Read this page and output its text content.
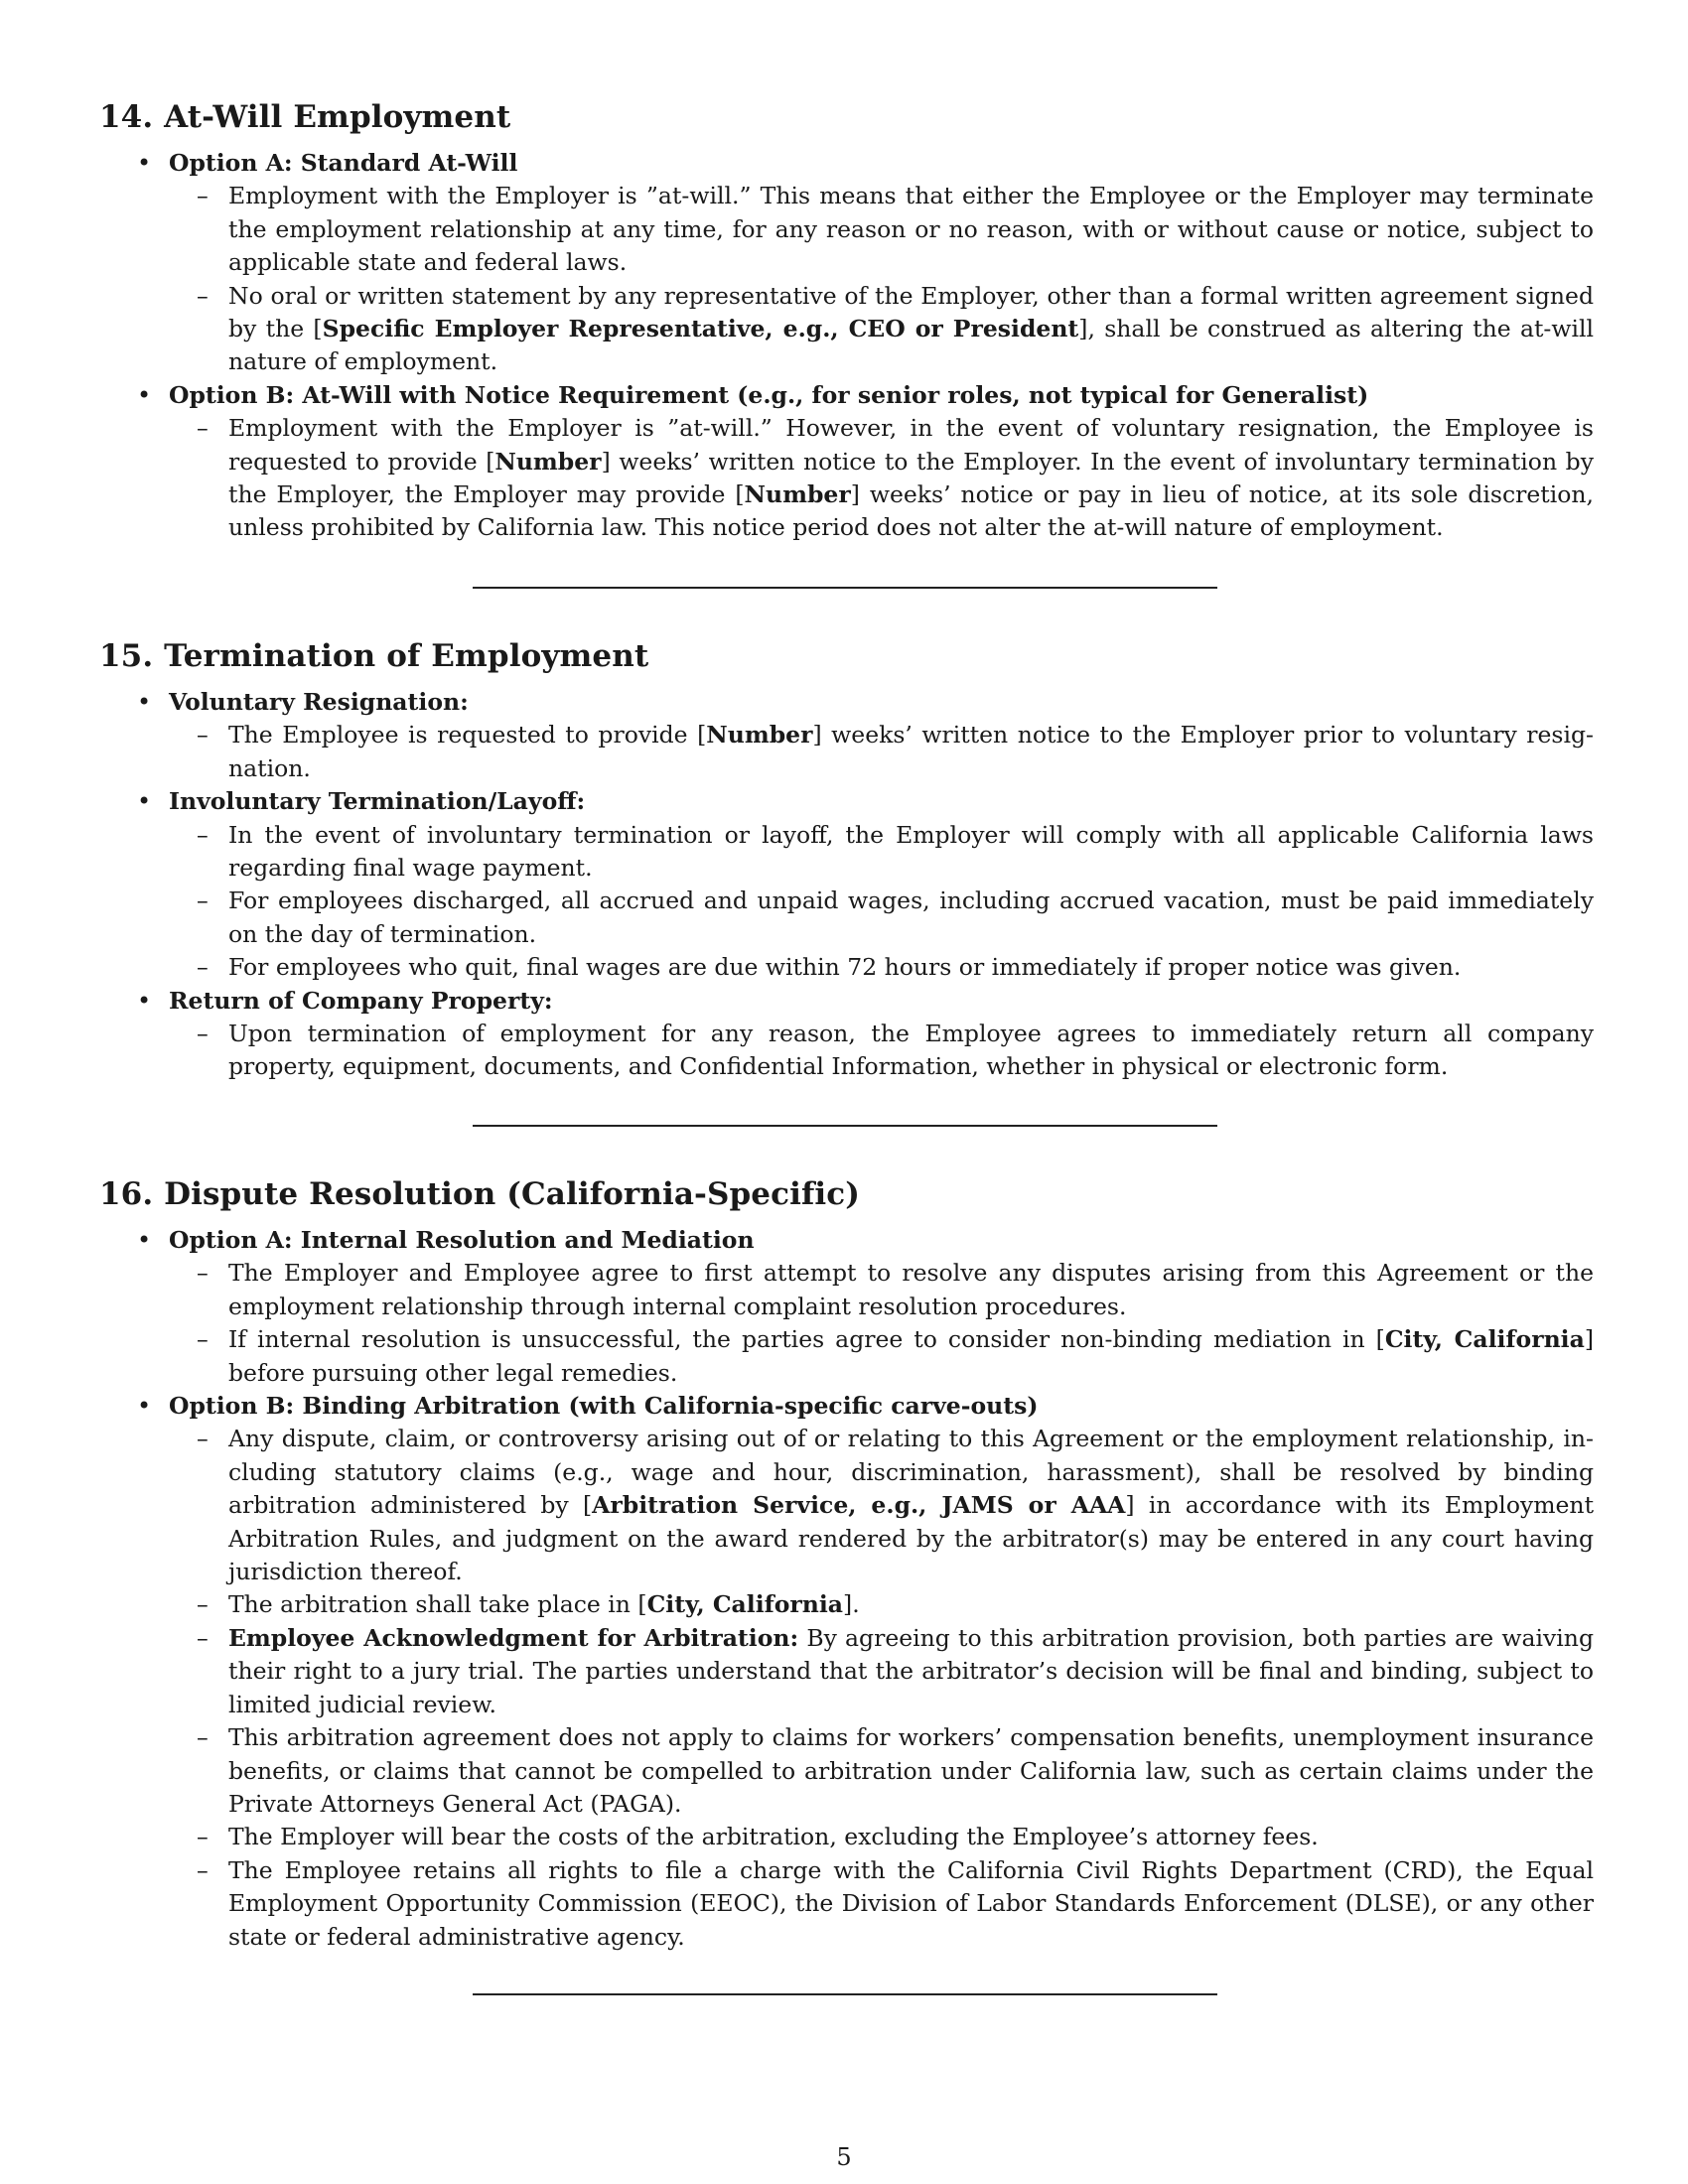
14. At-Will Employment
• Option A: Standard At-Will
– Employment with the Employer is ”at-will.” This means that either the Employee or the Employer may terminate the employment relationship at any time, for any reason or no reason, with or without cause or notice, subject to applicable state and federal laws.
– No oral or written statement by any representative of the Employer, other than a formal written agreement signed by the [Specific Employer Representative, e.g., CEO or President], shall be construed as altering the at-will nature of employment.
• Option B: At-Will with Notice Requirement (e.g., for senior roles, not typical for Generalist)
– Employment with the Employer is ”at-will.” However, in the event of voluntary resignation, the Employee is requested to provide [Number] weeks’ written notice to the Employer. In the event of involuntary termination by the Employer, the Employer may provide [Number] weeks’ notice or pay in lieu of notice, at its sole discretion, unless prohibited by California law. This notice period does not alter the at-will nature of employment.
15. Termination of Employment
• Voluntary Resignation:
– The Employee is requested to provide [Number] weeks’ written notice to the Employer prior to voluntary resignation.
• Involuntary Termination/Layoff:
– In the event of involuntary termination or layoff, the Employer will comply with all applicable California laws regarding final wage payment.
– For employees discharged, all accrued and unpaid wages, including accrued vacation, must be paid immediately on the day of termination.
– For employees who quit, final wages are due within 72 hours or immediately if proper notice was given.
• Return of Company Property:
– Upon termination of employment for any reason, the Employee agrees to immediately return all company property, equipment, documents, and Confidential Information, whether in physical or electronic form.
16. Dispute Resolution (California-Specific)
• Option A: Internal Resolution and Mediation
– The Employer and Employee agree to first attempt to resolve any disputes arising from this Agreement or the employment relationship through internal complaint resolution procedures.
– If internal resolution is unsuccessful, the parties agree to consider non-binding mediation in [City, California] before pursuing other legal remedies.
• Option B: Binding Arbitration (with California-specific carve-outs)
– Any dispute, claim, or controversy arising out of or relating to this Agreement or the employment relationship, including statutory claims (e.g., wage and hour, discrimination, harassment), shall be resolved by binding arbitration administered by [Arbitration Service, e.g., JAMS or AAA] in accordance with its Employment Arbitration Rules, and judgment on the award rendered by the arbitrator(s) may be entered in any court having jurisdiction thereof.
– The arbitration shall take place in [City, California].
– Employee Acknowledgment for Arbitration: By agreeing to this arbitration provision, both parties are waiving their right to a jury trial. The parties understand that the arbitrator’s decision will be final and binding, subject to limited judicial review.
– This arbitration agreement does not apply to claims for workers’ compensation benefits, unemployment insurance benefits, or claims that cannot be compelled to arbitration under California law, such as certain claims under the Private Attorneys General Act (PAGA).
– The Employer will bear the costs of the arbitration, excluding the Employee’s attorney fees.
– The Employee retains all rights to file a charge with the California Civil Rights Department (CRD), the Equal Employment Opportunity Commission (EEOC), the Division of Labor Standards Enforcement (DLSE), or any other state or federal administrative agency.
5
